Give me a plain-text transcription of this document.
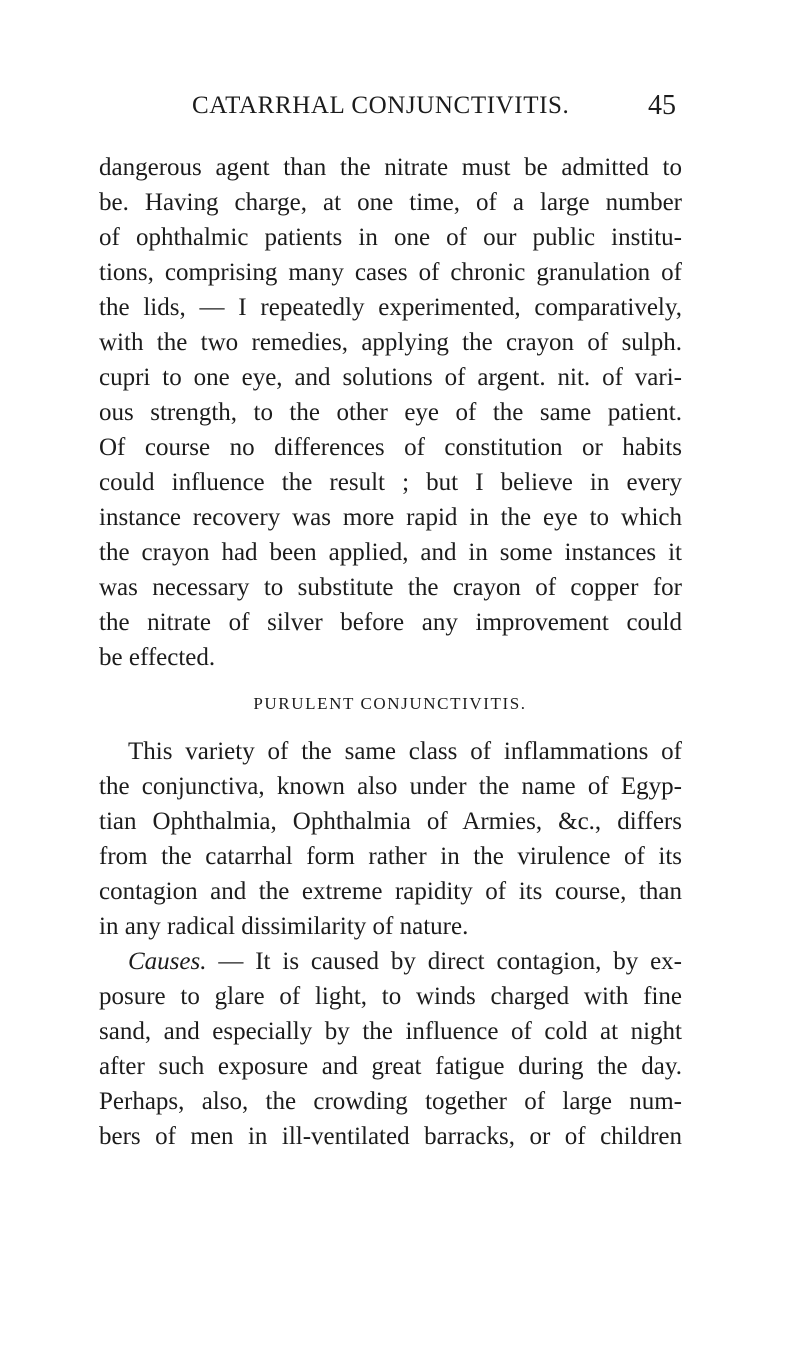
CATARRHAL CONJUNCTIVITIS.	45
dangerous agent than the nitrate must be admitted to
be. Having charge, at one time, of a large number
of ophthalmic patients in one of our public institu-
tions, comprising many cases of chronic granulation of
the lids, — I repeatedly experimented, comparatively,
with the two remedies, applying the crayon of sulph.
cupri to one eye, and solutions of argent. nit. of vari-
ous strength, to the other eye of the same patient.
Of course no differences of constitution or habits
could influence the result ; but I believe in every
instance recovery was more rapid in the eye to which
the crayon had been applied, and in some instances it
was necessary to substitute the crayon of copper for
the nitrate of silver before any improvement could
be effected.
PURULENT CONJUNCTIVITIS.
This variety of the same class of inflammations of
the conjunctiva, known also under the name of Egyp-
tian Ophthalmia, Ophthalmia of Armies, &c., differs
from the catarrhal form rather in the virulence of its
contagion and the extreme rapidity of its course, than
in any radical dissimilarity of nature.
Causes. — It is caused by direct contagion, by ex-
posure to glare of light, to winds charged with fine
sand, and especially by the influence of cold at night
after such exposure and great fatigue during the day.
Perhaps, also, the crowding together of large num-
bers of men in ill-ventilated barracks, or of children
